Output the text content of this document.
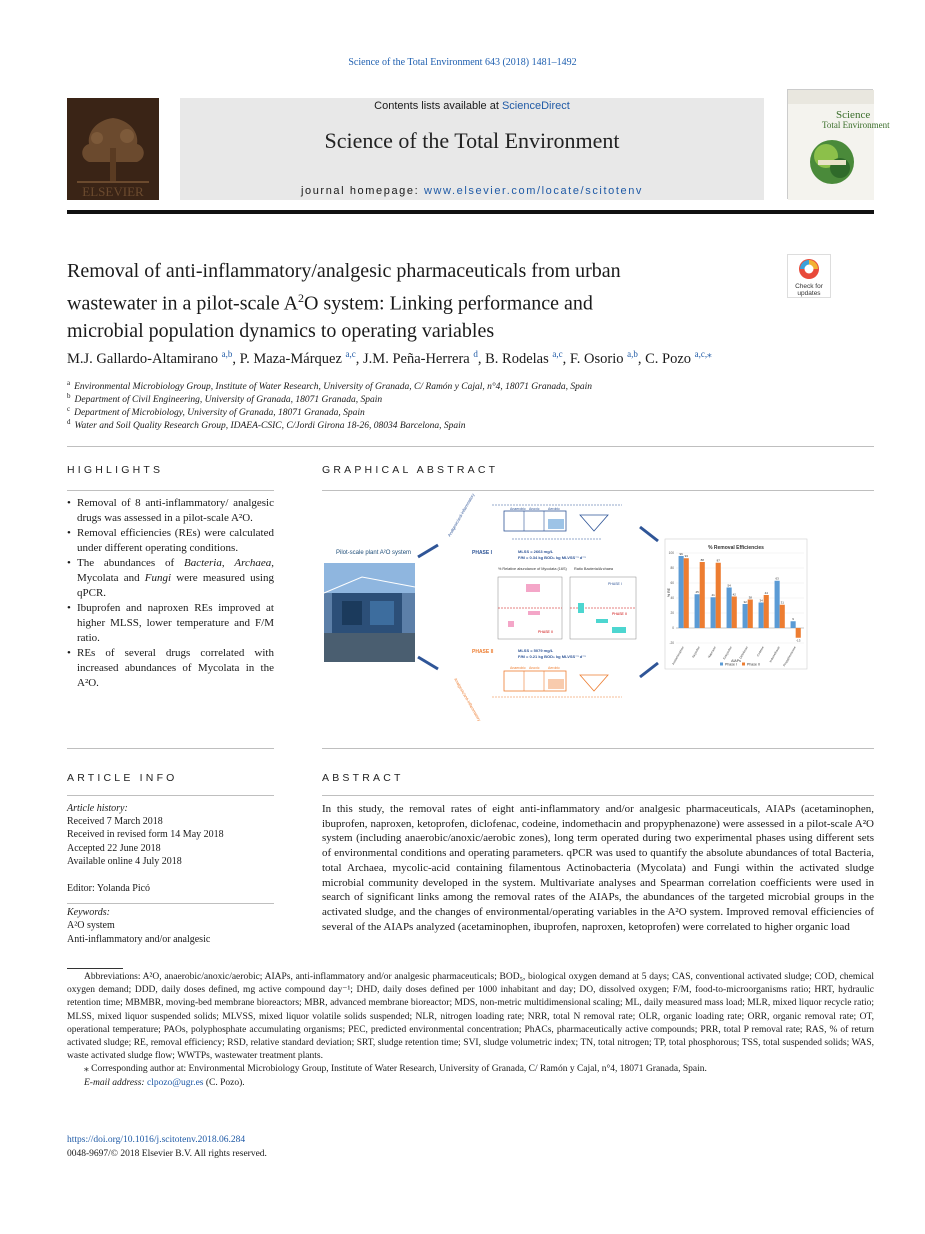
Science of the Total Environment 643 (2018) 1481–1492
ELSEVIER
Contents lists available at ScienceDirect
Science of the Total Environment
journal homepage: www.elsevier.com/locate/scitotenv
Science
Total Environment
Removal of anti-inflammatory/analgesic pharmaceuticals from urban
wastewater in a pilot-scale $A^2O$ system: Linking performance and
microbial population dynamics to operating variables
Check for
updates
M.J. Gallardo-Altamirano $^{a,b}$, P. Maza-Márquez $^{a,c}$, J.M. Peña-Herrera $^d$, B. Rodelas $^{a,c}$, F. Osorio $^{a,b}$, C. Pozo $^{a,c,⁎}$
$^a$ Environmental Microbiology Group, Institute of Water Research, University of Granada, C/ Ramón y Cajal, n°4, 18071 Granada, Spain
$^b$ Department of Civil Engineering, University of Granada, 18071 Granada, Spain
$^c$ Department of Microbiology, University of Granada, 18071 Granada, Spain
$^d$ Water and Soil Quality Research Group, IDAEA-CSIC, C/Jordi Girona 18-26, 08034 Barcelona, Spain
HIGHLIGHTS
• Removal of 8 anti-inflammatory/ analgesic drugs was assessed in a pilot-scale A²O.
• Removal efficiencies (REs) were calculated under different operating conditions.
• The abundances of Bacteria, Archaea, Mycolata and Fungi were measured using qPCR.
• Ibuprofen and naproxen REs improved at higher MLSS, lower temperature and F/M ratio.
• REs of several drugs correlated with increased abundances of Mycolata in the A²O.
GRAPHICAL ABSTRACT
Pilot-scale plant A²O system
Analgesic/anti-inflammatory	Anaerobic Anoxic Aerobic
PHASE I	MLSS = 2663 mg/L
F/M = 0.34 kg BOD₅ kg MLVSS⁻¹ d⁻¹
% Relative abundance of Mycolata (16S)
PHASE II
Ratio Bacteria/Archaea
PHASE I
PHASE II
PHASE II	MLSS = 5079 mg/L
F/M = 0.21 kg BOD₅ kg MLVSS⁻¹ d⁻¹
Analgesic/anti-inflammatory
Anaerobic Anoxic Aerobic
% Removal Efficiencies
AIAPs
% RE
Phase I	Phase II
-20
0
20
40
60
80
100 96
93
Acetaminophen
45
88
Ibuprofen
41
87
Naproxen
54
42
Ketoprofen
32
38
Diclofenac
34
44
Codeine
63
31
Indomethacin
9
-13
Propyphenazone
ARTICLE INFO
Article history:
Received 7 March 2018
Received in revised form 14 May 2018
Accepted 22 June 2018
Available online 4 July 2018
Editor: Yolanda Picó
Keywords:
A²O system
Anti-inflammatory and/or analgesic
ABSTRACT
In this study, the removal rates of eight anti-inflammatory and/or analgesic pharmaceuticals, AIAPs (acetaminophen, ibuprofen, naproxen, ketoprofen, diclofenac, codeine, indomethacin and propyphenazone) were assessed in a pilot-scale A²O system (including anaerobic/anoxic/aerobic zones), long term operated during two experimental phases using different sets of environmental conditions and operating parameters. qPCR was used to quantify the absolute abundances of total Bacteria, total Archaea, mycolic-acid containing filamentous Actinobacteria (Mycolata) and Fungi within the activated sludge microbial community developed in the system. Multivariate analyses and Spearman correlation coefficients were used in search of significant links among the removal rates of the AIAPs, the abundances of the targeted microbial groups in the activated sludge, and the changes of environmental/operating variables in the A²O system. Improved removal efficiencies of several of the AIAPs analyzed (acetaminophen, ibuprofen, naproxen, ketoprofen) were correlated to higher organic load

Abbreviations: A²O, anaerobic/anoxic/aerobic; AIAPs, anti-inflammatory and/or analgesic pharmaceuticals; BOD₅, biological oxygen demand at 5 days; CAS, conventional activated sludge; COD, chemical oxygen demand; DDD, daily doses defined, mg active compound day⁻¹; DHD, daily doses defined per 1000 inhabitant and day; DO, dissolved oxygen; F/M, food-to-microorganisms ratio; HRT, hydraulic retention time; MBMBR, moving-bed membrane bioreactors; MBR, advanced membrane bioreactor; MDS, non-metric multidimensional scaling; ML, daily measured mass load; MLR, mixed liquor recycle ratio; MLSS, mixed liquor suspended solids; MLVSS, mixed liquor volatile solids suspended; NLR, nitrogen loading rate; NRR, total N removal rate; OLR, organic loading rate; ORR, organic removal rate; OT, operational temperature; PAOs, polyphosphate accumulating organisms; PEC, predicted environmental concentration; PhACs, pharmaceutically active compounds; PRR, total P removal rate; RAS, % of return activated sludge; RE, removal efficiency; RSD, relative standard deviation; SRT, sludge retention time; SVI, sludge volumetric index; TN, total nitrogen; TP, total phosphorous; TSS, total suspended solids; WAS, waste activated sludge flow; WWTPs, wastewater treatment plants.

⁎ Corresponding author at: Environmental Microbiology Group, Institute of Water Research, University of Granada, C/ Ramón y Cajal, n°4, 18071 Granada, Spain.

E-mail address: clpozo@ugr.es (C. Pozo).

https://doi.org/10.1016/j.scitotenv.2018.06.284
0048-9697/© 2018 Elsevier B.V. All rights reserved.
